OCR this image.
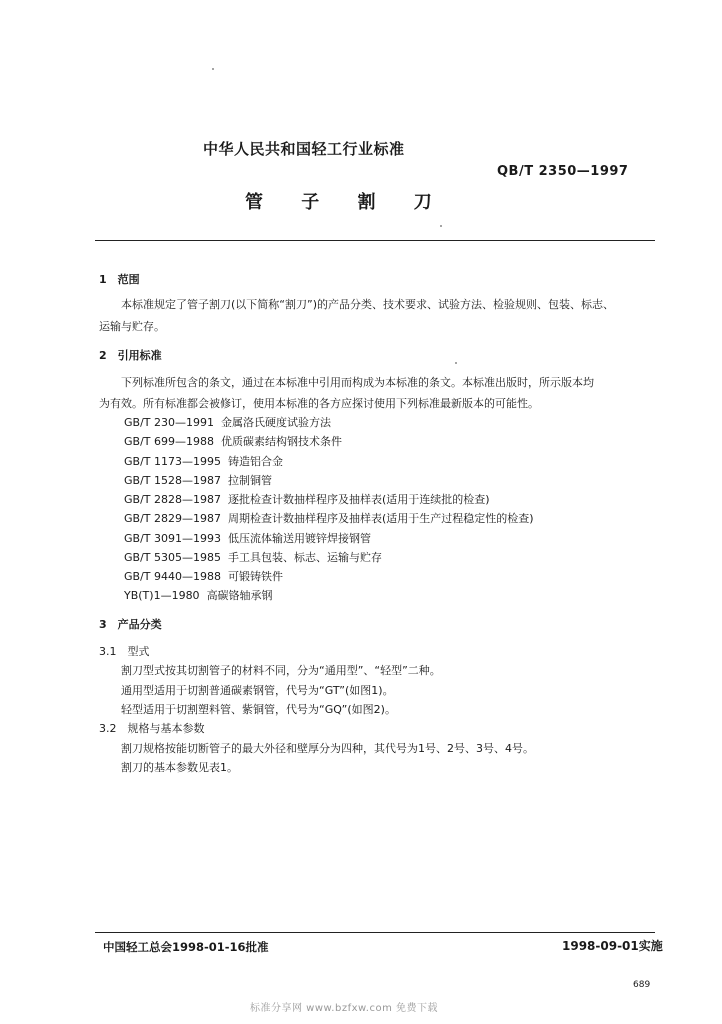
中华人民共和国轻工行业标准
QB/T 2350—1997
管 子 割 刀
1　范围
本标准规定了管子割刀(以下简称“割刀”)的产品分类、技术要求、试验方法、检验规则、包装、标志、
运输与贮存。
2　引用标准
下列标准所包含的条文，通过在本标准中引用而构成为本标准的条文。本标准出版时，所示版本均
为有效。所有标准都会被修订，使用本标准的各方应探讨使用下列标准最新版本的可能性。
GB/T 230—1991 金属洛氏硬度试验方法
GB/T 699—1988 优质碳素结构钢技术条件
GB/T 1173—1995 铸造铝合金
GB/T 1528—1987 拉制铜管
GB/T 2828—1987 逐批检查计数抽样程序及抽样表(适用于连续批的检查)
GB/T 2829—1987 周期检查计数抽样程序及抽样表(适用于生产过程稳定性的检查)
GB/T 3091—1993 低压流体输送用镀锌焊接钢管
GB/T 5305—1985 手工具包装、标志、运输与贮存
GB/T 9440—1988 可锻铸铁件
YB(T)1—1980 高碳铬轴承钢
3　产品分类
3.1　型式
割刀型式按其切割管子的材料不同，分为“通用型”、“轻型”二种。
通用型适用于切割普通碳素钢管，代号为“GT”(如图1)。
轻型适用于切割塑料管、紫铜管，代号为“GQ”(如图2)。
3.2　规格与基本参数
割刀规格按能切断管子的最大外径和壁厚分为四种，其代号为1号、2号、3号、4号。
割刀的基本参数见表1。
中国轻工总会1998-01-16批准	1998-09-01实施
689
标准分享网 www.bzfxw.com 免费下载
